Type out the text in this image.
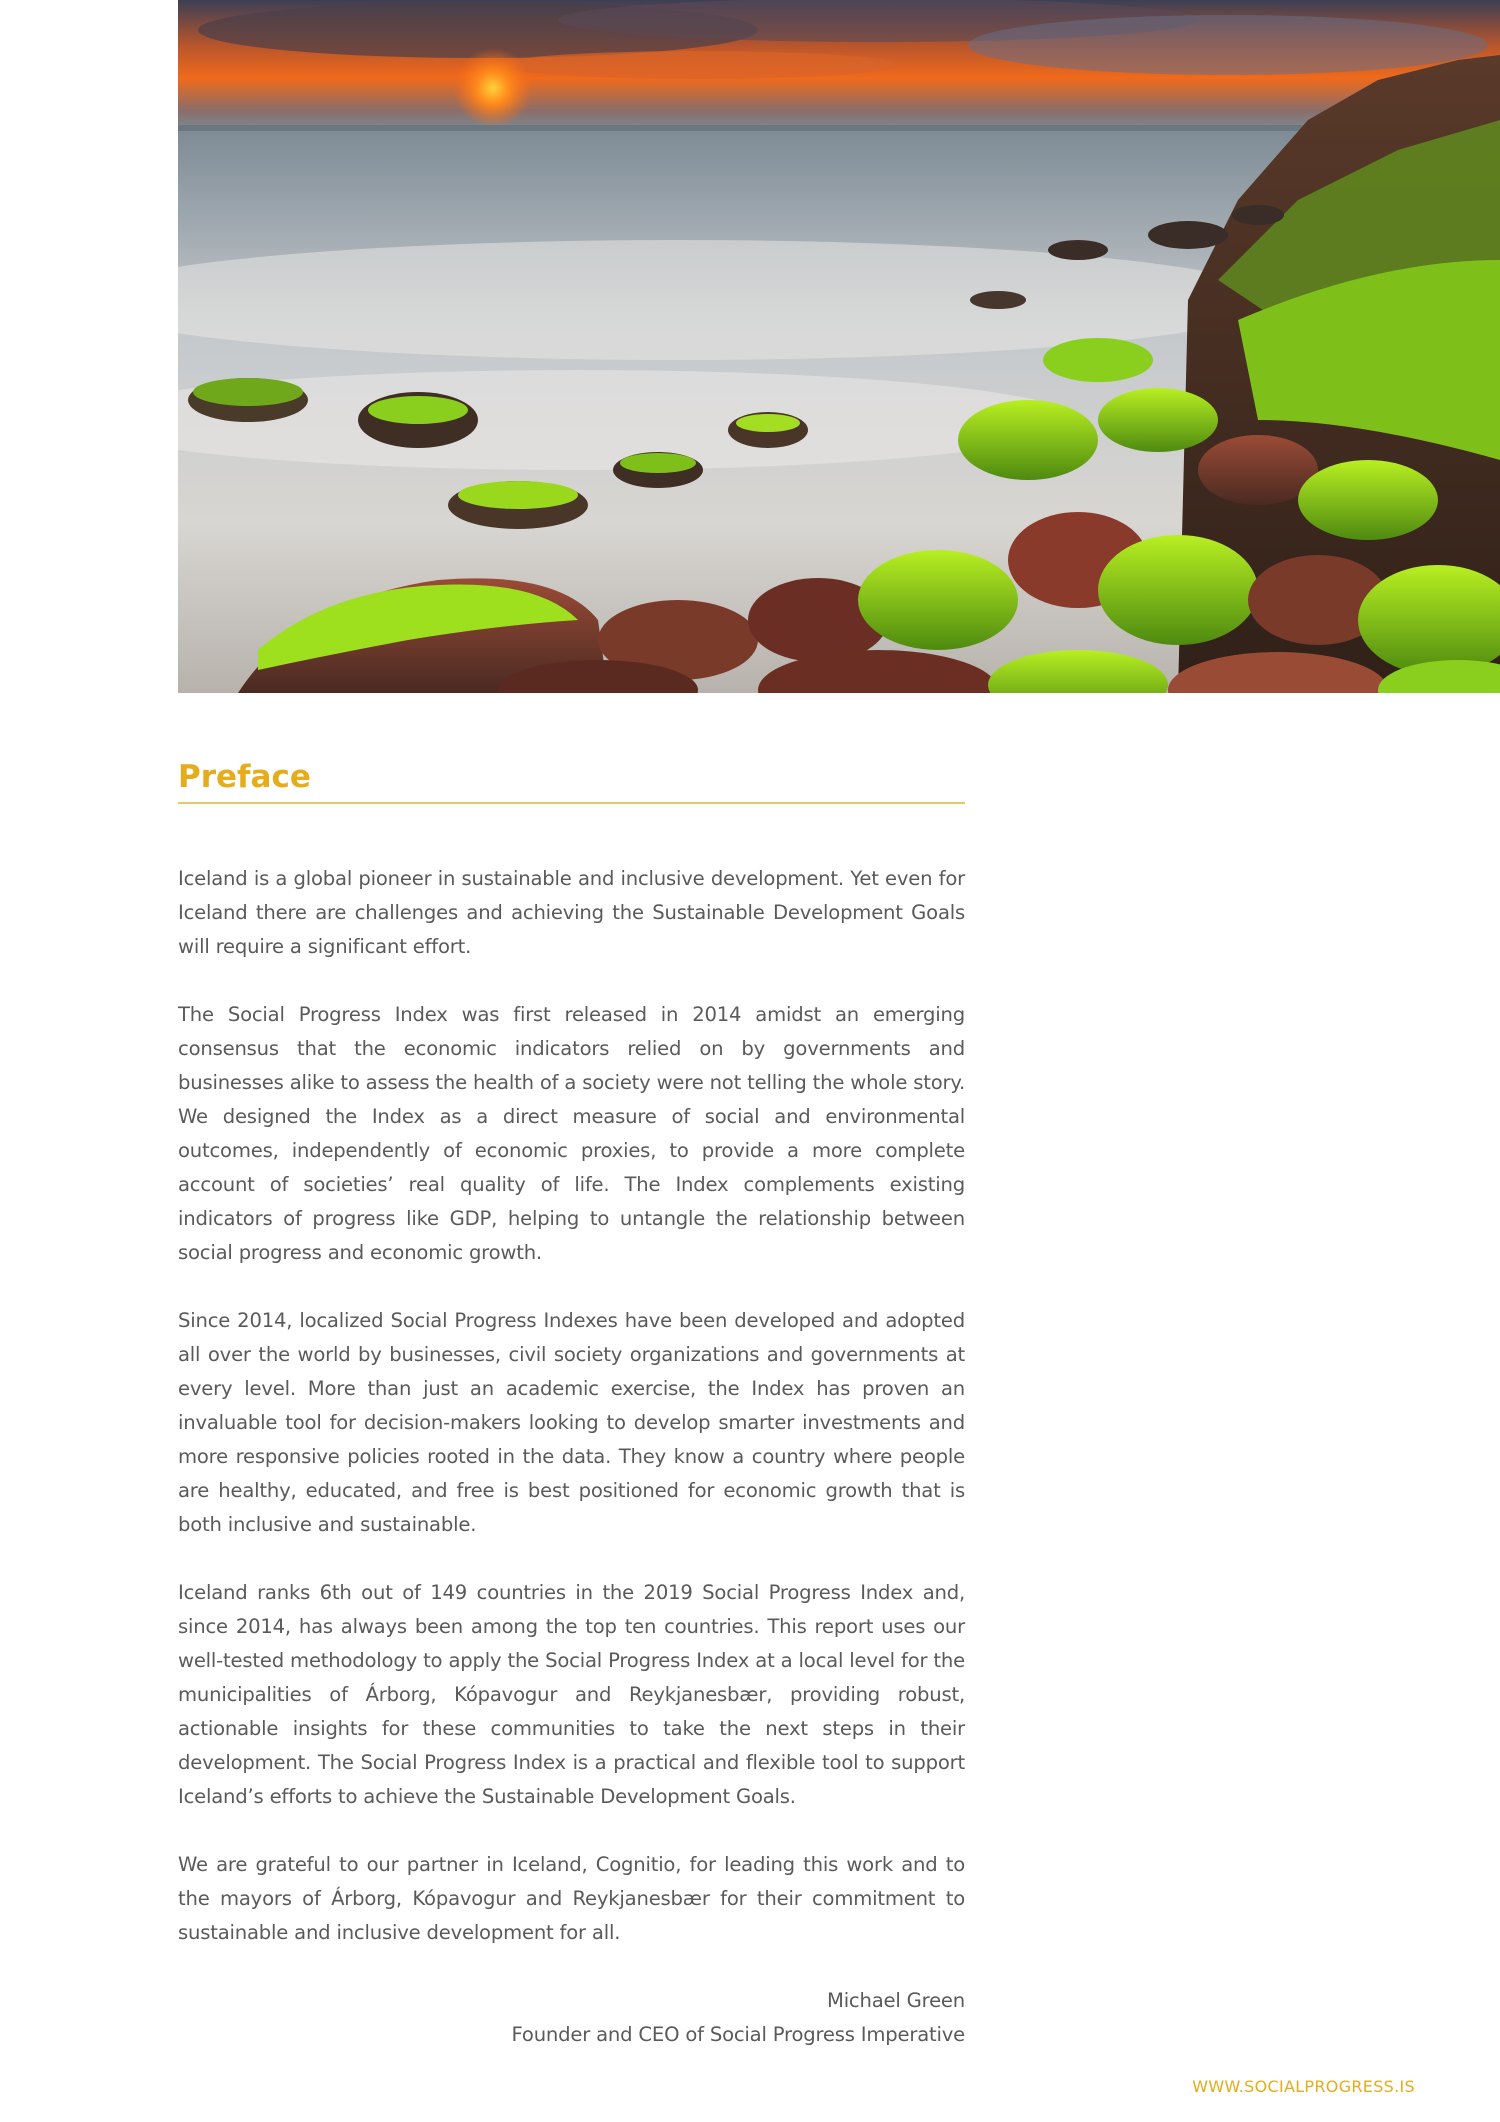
Preface

Iceland is a global pioneer in sustainable and inclusive development. Yet even for Iceland there are challenges and achieving the Sustainable Development Goals will require a significant effort.

The Social Progress Index was first released in 2014 amidst an emerging consensus that the economic indicators relied on by governments and businesses alike to assess the health of a society were not telling the whole story. We designed the Index as a direct measure of social and environmental outcomes, independently of economic proxies, to provide a more complete account of societies’ real quality of life. The Index complements existing indicators of progress like GDP, helping to untangle the relationship between social progress and economic growth.

Since 2014, localized Social Progress Indexes have been developed and adopted all over the world by businesses, civil society organizations and governments at every level. More than just an academic exercise, the Index has proven an invaluable tool for decision-makers looking to develop smarter investments and more responsive policies rooted in the data. They know a country where people are healthy, educated, and free is best positioned for economic growth that is both inclusive and sustainable.

Iceland ranks 6th out of 149 countries in the 2019 Social Progress Index and, since 2014, has always been among the top ten countries. This report uses our well-tested methodology to apply the Social Progress Index at a local level for the municipalities of Árborg, Kópavogur and Reykjanesbær, providing robust, actionable insights for these communities to take the next steps in their development. The Social Progress Index is a practical and flexible tool to support Iceland’s efforts to achieve the Sustainable Development Goals.

We are grateful to our partner in Iceland, Cognitio, for leading this work and to the mayors of Árborg, Kópavogur and Reykjanesbær for their commitment to sustainable and inclusive development for all.

Michael Green
Founder and CEO of Social Progress Imperative
WWW.SOCIALPROGRESS.IS
